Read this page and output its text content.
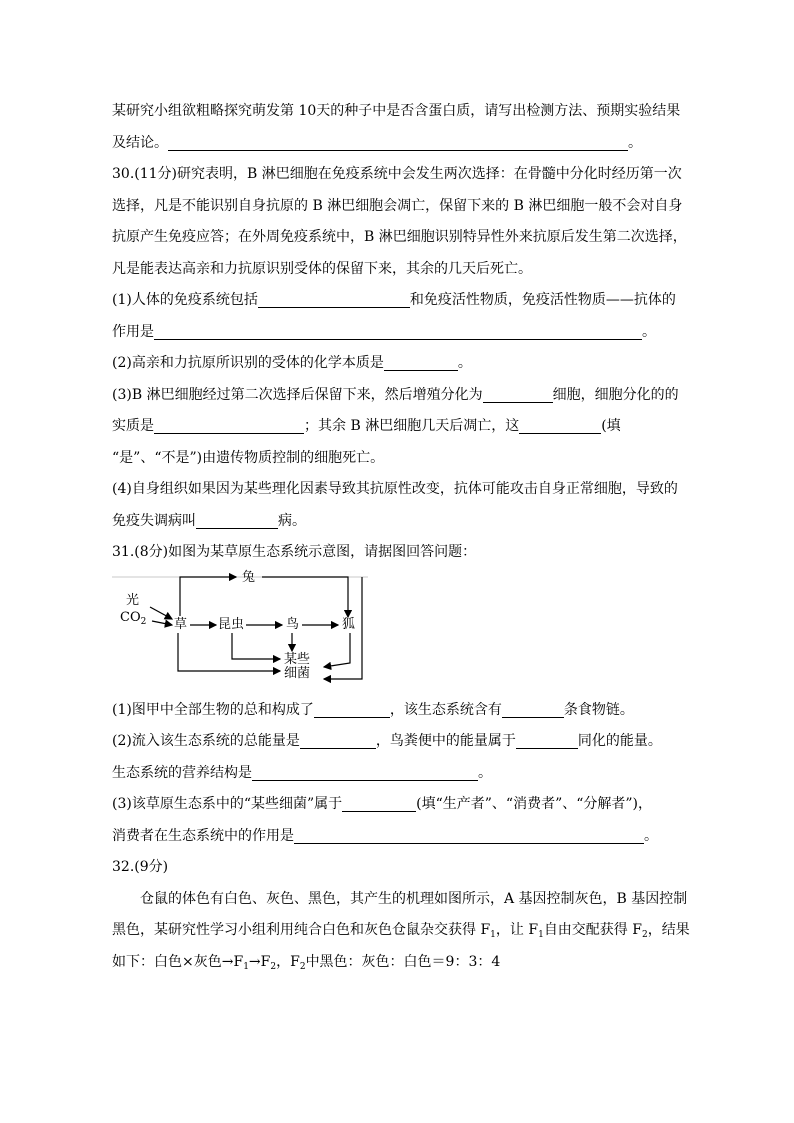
某研究小组欲粗略探究萌发第 10天的种子中是否含蛋白质，请写出检测方法、预期实验结果
及结论。	。
30.(11分)研究表明，B 淋巴细胞在免疫系统中会发生两次选择：在骨髓中分化时经历第一次
选择，凡是不能识别自身抗原的 B 淋巴细胞会凋亡，保留下来的 B 淋巴细胞一般不会对自身
抗原产生免疫应答；在外周免疫系统中，B 淋巴细胞识别特异性外来抗原后发生第二次选择，
凡是能表达高亲和力抗原识别受体的保留下来，其余的几天后死亡。
(1)人体的免疫系统包括	和免疫活性物质，免疫活性物质——抗体的
作用是	。
(2)高亲和力抗原所识别的受体的化学本质是	。
(3)B 淋巴细胞经过第二次选择后保留下来，然后增殖分化为	细胞，细胞分化的的
实质是	；其余 B 淋巴细胞几天后凋亡，这	(填
“是”、“不是”)由遗传物质控制的细胞死亡。
(4)自身组织如果因为某些理化因素导致其抗原性改变，抗体可能攻击自身正常细胞，导致的
免疫失调病叫	病。
31.(8分)如图为某草原生态系统示意图，请据图回答问题：
光
$CO_2$ 草
兔
昆虫	鸟	狐
某些
细菌
(1)图甲中全部生物的总和构成了	，该生态系统含有	条食物链。
(2)流入该生态系统的总能量是	，鸟粪便中的能量属于	同化的能量。
生态系统的营养结构是	。
(3)该草原生态系中的“某些细菌”属于	(填“生产者”、“消费者”、“分解者”)，
消费者在生态系统中的作用是	。
32.(9分)
仓鼠的体色有白色、灰色、黑色，其产生的机理如图所示，A 基因控制灰色，B 基因控制
黑色，某研究性学习小组利用纯合白色和灰色仓鼠杂交获得 $F_1$，让 $F_1$自由交配获得 $F_2$，结果
如下：白色×灰色$\to F_1\to F_2$，$F_2$中黑色：灰色：白色＝9：3：4
